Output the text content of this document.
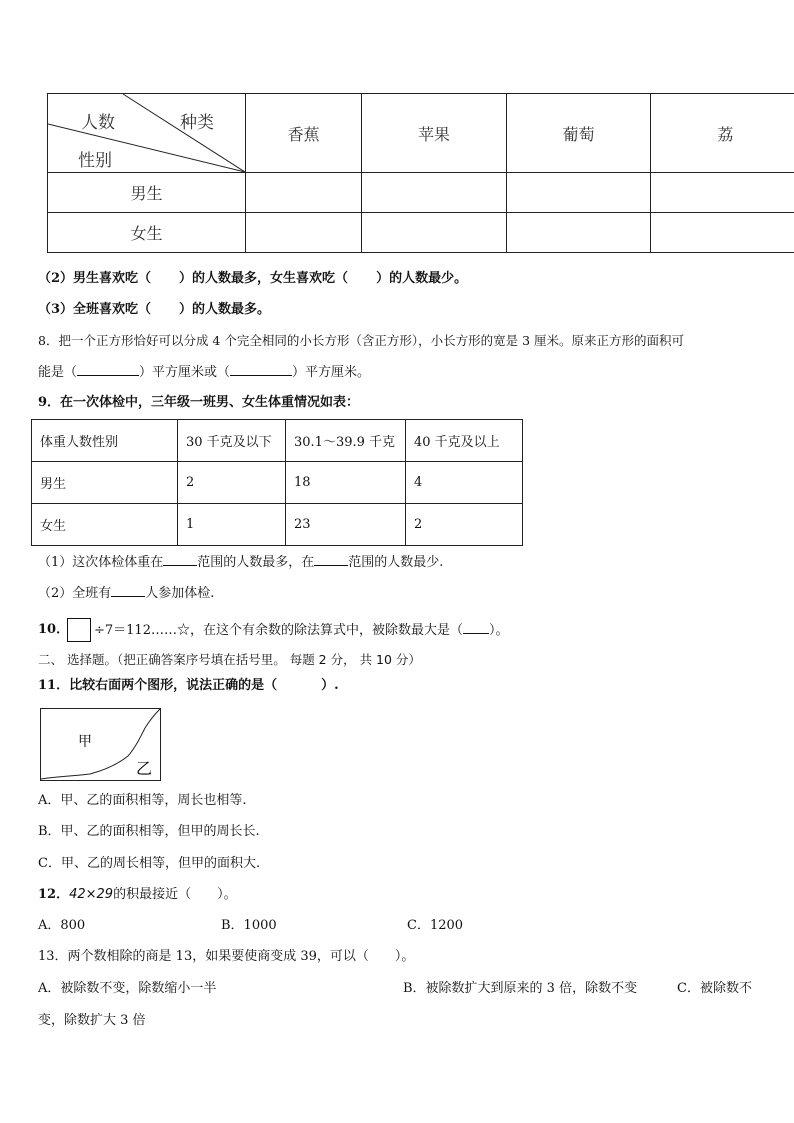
人数 种类
性别	香蕉	苹果	葡萄	荔
男生				
女生				
（2）男生喜欢吃（ ）的人数最多，女生喜欢吃（ ）的人数最少。
（3）全班喜欢吃（ ）的人数最多。
8．把一个正方形恰好可以分成 4 个完全相同的小长方形（含正方形），小长方形的宽是 3 厘米。原来正方形的面积可
能是（	）平方厘米或（	）平方厘米。
9．在一次体检中，三年级一班男、女生体重情况如表：
体重人数性别	30 千克及以下	30.1～39.9 千克	40 千克及以上
男生	2	18	4
女生	1	23	2
（1）这次体检体重在	范围的人数最多，在	范围的人数最少.
（2）全班有	人参加体检.
10． ÷7＝112……☆，在这个有余数的除法算式中，被除数最大是（ ）。
二、 选择题。（把正确答案序号填在括号里。 每题 2 分， 共 10 分）
11．比较右面两个图形，说法正确的是（	）.
甲
乙
A．甲、乙的面积相等，周长也相等.
B．甲、乙的面积相等，但甲的周长长.
C．甲、乙的周长相等，但甲的面积大.
12．42×29的积最接近（　　）。
A．800	B．1000	C．1200
13．两个数相除的商是 13，如果要使商变成 39，可以（　　）。
A．被除数不变，除数缩小一半	B．被除数扩大到原来的 3 倍，除数不变	C．被除数不
变，除数扩大 3 倍
